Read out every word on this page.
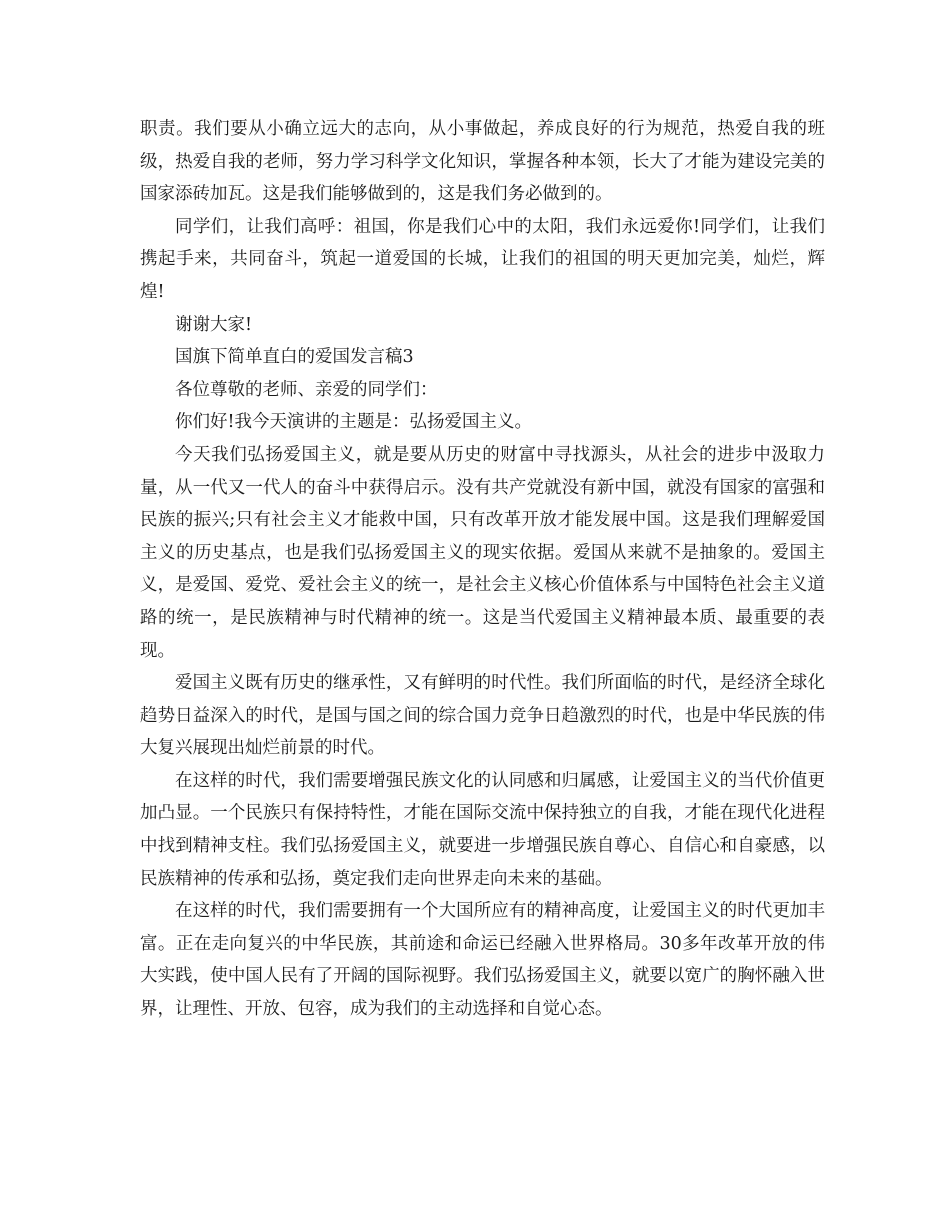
职责。我们要从小确立远大的志向，从小事做起，养成良好的行为规范，热爱自我的班级，热爱自我的老师，努力学习科学文化知识，掌握各种本领，长大了才能为建设完美的国家添砖加瓦。这是我们能够做到的，这是我们务必做到的。

同学们，让我们高呼：祖国，你是我们心中的太阳，我们永远爱你!同学们，让我们携起手来，共同奋斗，筑起一道爱国的长城，让我们的祖国的明天更加完美，灿烂，辉煌!

谢谢大家!

国旗下简单直白的爱国发言稿3

各位尊敬的老师、亲爱的同学们：

你们好!我今天演讲的主题是：弘扬爱国主义。

今天我们弘扬爱国主义，就是要从历史的财富中寻找源头，从社会的进步中汲取力量，从一代又一代人的奋斗中获得启示。没有共产党就没有新中国，就没有国家的富强和民族的振兴;只有社会主义才能救中国，只有改革开放才能发展中国。这是我们理解爱国主义的历史基点，也是我们弘扬爱国主义的现实依据。爱国从来就不是抽象的。爱国主义，是爱国、爱党、爱社会主义的统一，是社会主义核心价值体系与中国特色社会主义道路的统一，是民族精神与时代精神的统一。这是当代爱国主义精神最本质、最重要的表现。

爱国主义既有历史的继承性，又有鲜明的时代性。我们所面临的时代，是经济全球化趋势日益深入的时代，是国与国之间的综合国力竞争日趋激烈的时代，也是中华民族的伟大复兴展现出灿烂前景的时代。

在这样的时代，我们需要增强民族文化的认同感和归属感，让爱国主义的当代价值更加凸显。一个民族只有保持特性，才能在国际交流中保持独立的自我，才能在现代化进程中找到精神支柱。我们弘扬爱国主义，就要进一步增强民族自尊心、自信心和自豪感，以民族精神的传承和弘扬，奠定我们走向世界走向未来的基础。

在这样的时代，我们需要拥有一个大国所应有的精神高度，让爱国主义的时代更加丰富。正在走向复兴的中华民族，其前途和命运已经融入世界格局。30多年改革开放的伟大实践，使中国人民有了开阔的国际视野。我们弘扬爱国主义，就要以宽广的胸怀融入世界，让理性、开放、包容，成为我们的主动选择和自觉心态。
